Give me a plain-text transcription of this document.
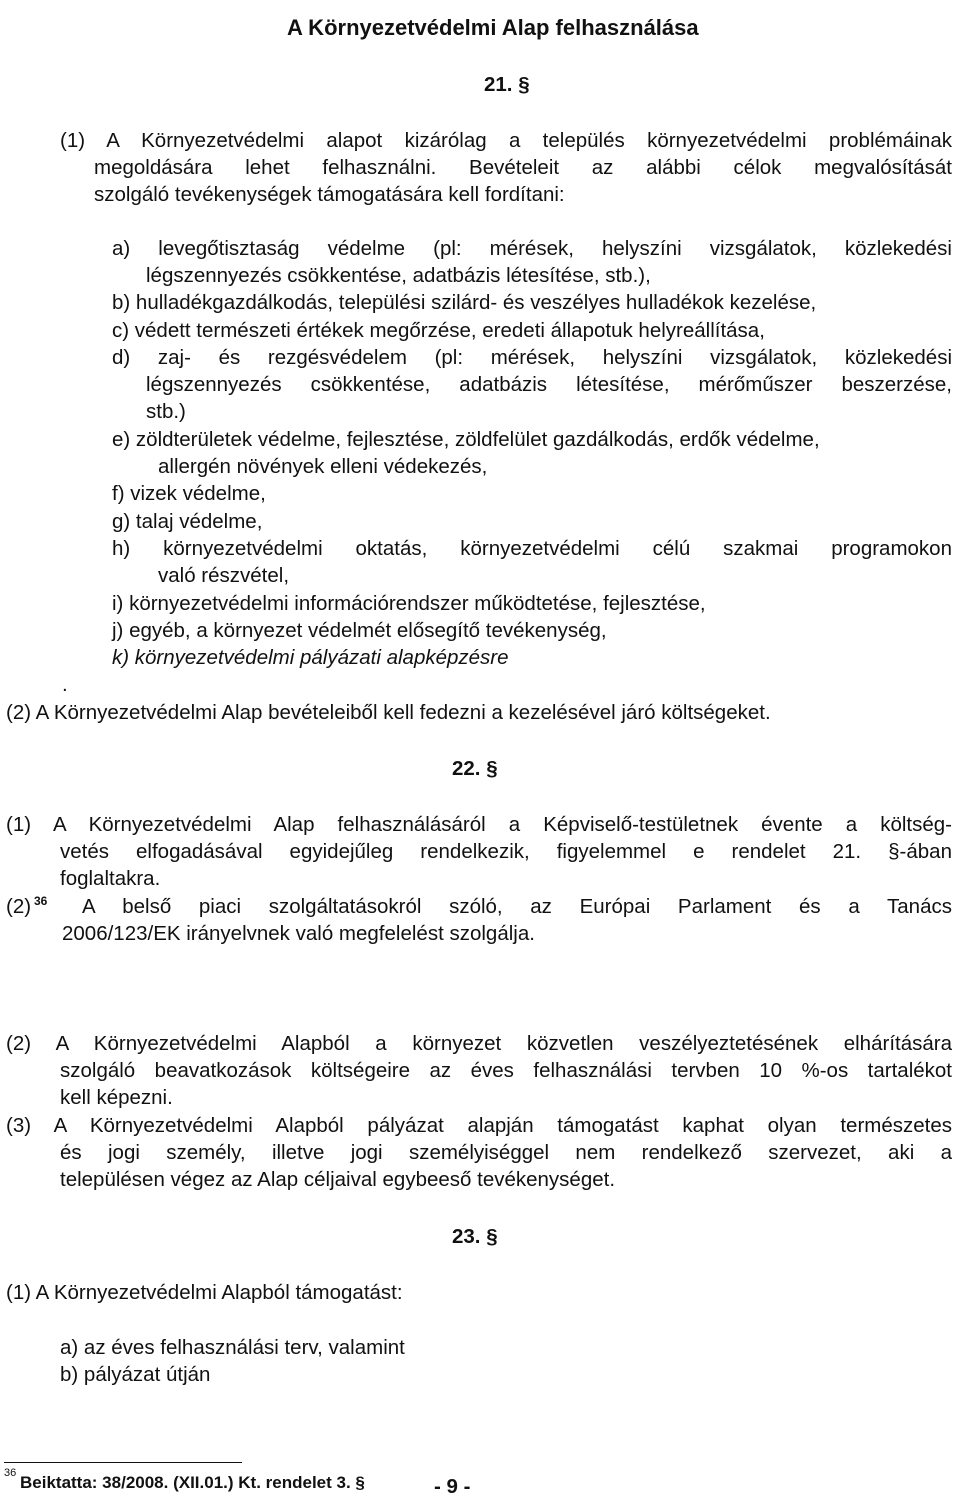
A Környezetvédelmi Alap felhasználása
21. §
(1) A Környezetvédelmi alapot kizárólag a település környezetvédelmi problémáinak
megoldására lehet felhasználni. Bevételeit az alábbi célok megvalósítását
szolgáló tevékenységek támogatására kell fordítani:
a) levegőtisztaság védelme (pl: mérések, helyszíni vizsgálatok, közlekedési
légszennyezés csökkentése, adatbázis létesítése, stb.),
b) hulladékgazdálkodás, települési szilárd- és veszélyes hulladékok kezelése,
c) védett természeti értékek megőrzése, eredeti állapotuk helyreállítása,
d) zaj- és rezgésvédelem (pl: mérések, helyszíni vizsgálatok, közlekedési
légszennyezés csökkentése, adatbázis létesítése, mérőműszer beszerzése,
stb.)
e) zöldterületek védelme, fejlesztése, zöldfelület gazdálkodás, erdők védelme,
allergén növények elleni védekezés,
f) vizek védelme,
g) talaj védelme,
h) környezetvédelmi oktatás, környezetvédelmi célú szakmai programokon
való részvétel,
i) környezetvédelmi információrendszer működtetése, fejlesztése,
j) egyéb, a környezet védelmét elősegítő tevékenység,
k) környezetvédelmi pályázati alapképzésre
.
(2) A Környezetvédelmi Alap bevételeiből kell fedezni a kezelésével járó költségeket.
22. §
(1) A Környezetvédelmi Alap felhasználásáról a Képviselő-testületnek évente a költség-
vetés elfogadásával egyidejűleg rendelkezik, figyelemmel e rendelet 21. §-ában
foglaltakra.
(2) 36 A belső piaci szolgáltatásokról szóló, az Európai Parlament és a Tanács
2006/123/EK irányelvnek való megfelelést szolgálja.
(2) A Környezetvédelmi Alapból a környezet közvetlen veszélyeztetésének elhárítására
szolgáló beavatkozások költségeire az éves felhasználási tervben 10 %-os tartalékot
kell képezni.
(3) A Környezetvédelmi Alapból pályázat alapján támogatást kaphat olyan természetes
és jogi személy, illetve jogi személyiséggel nem rendelkező szervezet, aki a
településen végez az Alap céljaival egybeeső tevékenységet.
23. §
(1) A Környezetvédelmi Alapból támogatást:
a) az éves felhasználási terv, valamint
b) pályázat útján
36 Beiktatta: 38/2008. (XII.01.) Kt. rendelet 3. §	- 9 -
